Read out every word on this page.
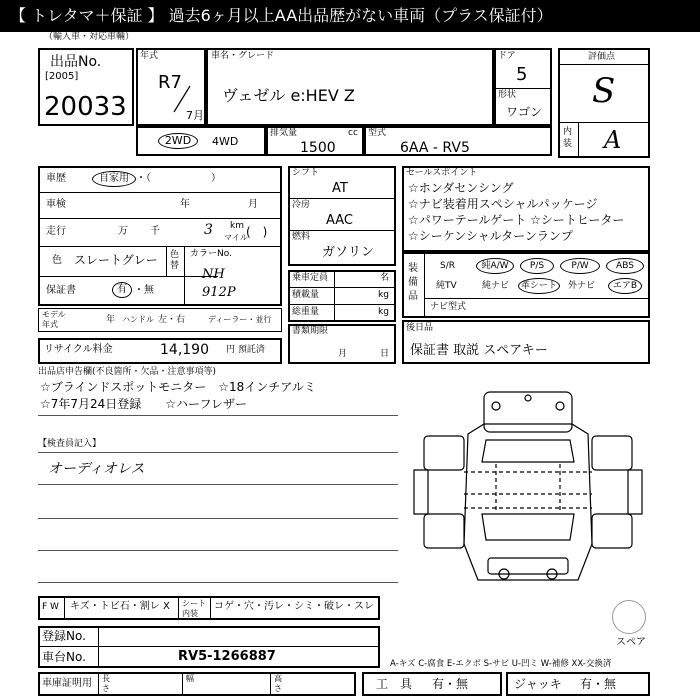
【 トレタマ＋保証 】 過去6ヶ月以上AA出品歴がない車両（プラス保証付）
（輸入車・対応車輛）
出品No.
[2005]
20033
年式
R7
7月
車名・グレード
ヴェゼル e:HEV Z
ドア
5
形状
ワゴン
評価点
S
内装 A
2WD	4WD
排気量	cc
1500
型式
6AA - RV5
車歴	自家用 ・（　　　　　　）
車検	年	月
走行	万 千	3 km
マイル
(　)
色 スレートグレー 色替
カラーNo.
NH 912P
保証書	有 ・無
モデル年式	年 ハンドル 左・右	ディーラー・並行
リサイクル料金	14,190 円 預託済
シフト
AT
冷房
AAC
燃料
ガソリン
乗車定員	名
積載量	kg
総重量	kg
書類期限
月	日
セールスポイント
☆ホンダセンシング
☆ナビ装着用スペシャルパッケージ
☆パワーテールゲート ☆シートヒーター
☆シーケンシャルターンランプ
装備品
S/R	純A/W	P/S	P/W	ABS
純TV	純ナビ	革シート	外ナビ	エアB
ナビ型式
後日品
保証書 取説 スペアキー
出品店申告欄(不良箇所・欠品・注意事項等)
☆ブラインドスポットモニター　☆18インチアルミ
☆7年7月24日登録　　☆ハーフレザー
【検査員記入】
オーディオレス
スペア
F W キズ・トビ石・割レ X シート内装
コゲ・穴・汚レ・シミ・破レ・スレ
登録No.
車台No.	RV5-1266887	A-キズ C-腐食 E-エクボ S-サビ U-凹ミ W-補修 XX-交換済
車庫証明用 長さ
幅	高さ	工　具 有・無	ジャッキ 有・無
